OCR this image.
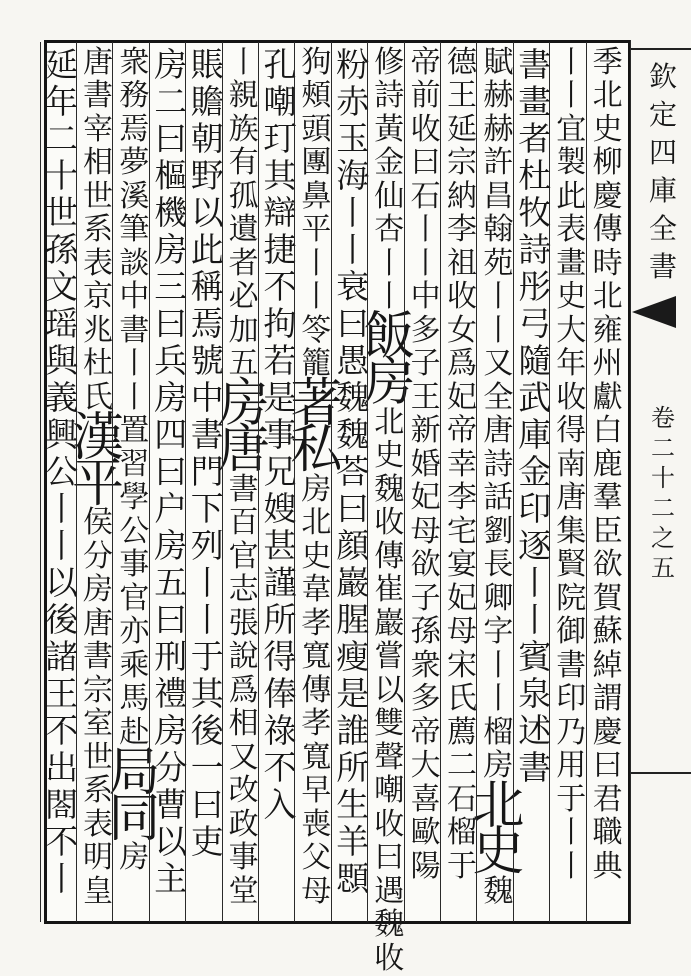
季
北
史
柳
慶
傳
時
北
雍
州
獻
白
鹿
羣
臣
欲
賀
蘇
綽
謂
慶
曰
君
職
典
丨
丨
宜
製
此
表
畫
史
大
年
收
得
南
唐
集
賢
院
御
書
印
乃
用
于
丨
丨
書
畫
者
杜
牧
詩
彤
弓
隨
武
庫
金
印
逐
丨
丨
賓
泉
述
書
賦
赫
赫
許
昌
翰
苑
丨
丨
又
全
唐
詩
話
劉
長
卿
字
丨
丨
榴
房
北
史
魏
德
王
延
宗
納
李
祖
收
女
爲
妃
帝
幸
李
宅
宴
妃
母
宋
氏
薦
二
石
榴
于
帝
前
收
曰
石
丨
丨
中
多
子
王
新
婚
妃
母
欲
子
孫
衆
多
帝
大
喜
歐
陽
修
詩
黃
金
仙
杏
丨
丨
飯
房
北
史
魏
收
傳
崔
巖
嘗
以
雙
聲
嘲
收
曰
遇
魏
收
粉
赤
玉
海
丨
丨
衰
曰
愚
魏
魏
荅
曰
顔
巖
腥
瘦
是
誰
所
生
羊
顋
狗
頰
頭
團
鼻
平
丨
丨
笭
籠
著
私
房
北
史
韋
孝
寬
傳
孝
寬
早
喪
父
母
孔
嘲
玎
其
辯
捷
不
拘
若
是
事
兄
嫂
甚
謹
所
得
俸
祿
不
入
丨
親
族
有
孤
遺
者
必
加
五
房
唐
書
百
官
志
張
說
爲
相
又
改
政
事
堂
賬
贍
朝
野
以
此
稱
焉
號
中
書
門
下
列
丨
丨
于
其
後
一
曰
吏
房
二
曰
樞
機
房
三
曰
兵
房
四
曰
户
房
五
曰
刑
禮
房
分
曹
以
主
衆
務
焉
夢
溪
筆
談
中
書
丨
丨
置
習
學
公
事
官
亦
乘
馬
赴
局
同
房
唐
書
宰
相
世
系
表
京
兆
杜
氏
漢
平
侯
分
房
唐
書
宗
室
世
系
表
明
皇
延
年
二
十
世
孫
文
瑶
與
義
興
公
丨
丨
以
後
諸
王
不
出
閤
不
丨
欽
定
四
庫
全
書
卷
二
十
二
之
五
